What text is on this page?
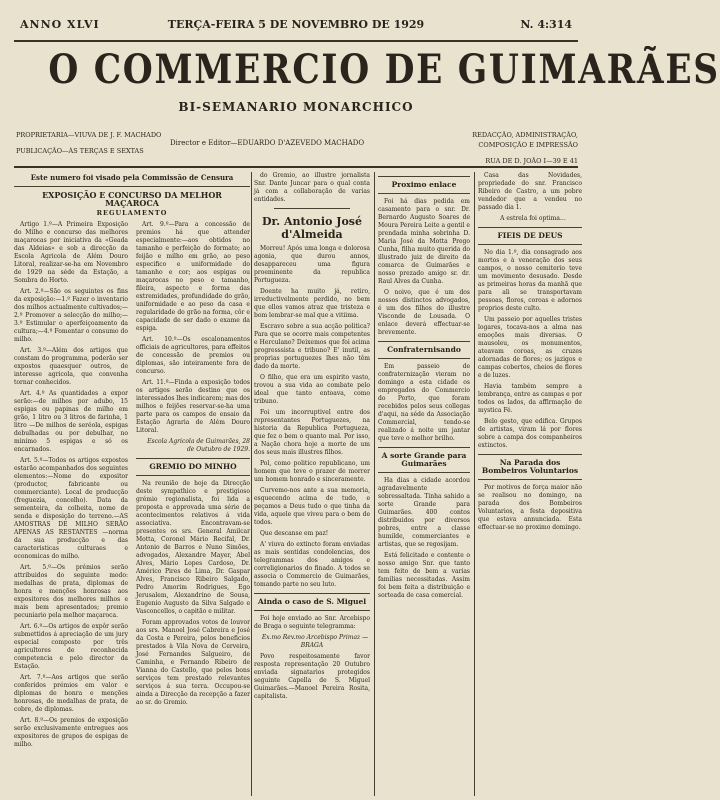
ANNO XLVI	TERÇA-FEIRA 5 DE NOVEMBRO DE 1929	N. 4:314
O COMMERCIO DE GUIMARÃES
BI-SEMANARIO MONARCHICO
PROPRIETARIA—VIUVA DE J. F. MACHADO
PUBLICAÇÃO—ÀS TERÇAS E SEXTAS
Director e Editor—EDUARDO D'AZEVEDO MACHADO
REDACÇÃO, ADMINISTRAÇÃO, COMPOSIÇÃO E IMPRESSÃO
RUA DE D. JOÃO I—39 E 41
Este numero foi visado pela Commissão de Censura
EXPOSIÇÃO E CONCURSO DA MELHOR MAÇAROCA
REGULAMENTO

Artigo 1.º—A Primeira Exposição do Milho e concurso das melhores maçarocas por iniciativa da «Geada das Aldeias» e sob a direcção da Escola Agricola de Além Douro Litoral, realizar-se-ha em Novembro de 1929 na séde da Estação, a Sombra do Horto.

Art. 2.º—São os seguintes os fins da exposição:—1.º Fazer o inventario dos milhos actualmente cultivados;—2.º Promover a selecção do milho;—3.º Estimular o aperfeiçoamento da cultura;—4.º Fomentar o consumo do milho.

Art. 3.º—Além dos artigos que constam do programma, poderão ser expostos quaesquer outros, de interesse agricola, que convenha tornar conhecidos.

Art. 4.º As quantidades a expor serão:—de milhos por adubo, 15 espigas ou papinas de milho em grão, 1 litro ou 3 litros de farinha, 1 litro —De milhos de seréola, espigas debulhadas ou por debulhar, no minimo 5 espigas e só os encarnados.

Art. 5.º—Todos os artigos expostos estarão acompanhados dos seguintes elementos:—Nome do expositor (productor, fabricante ou commerciante). Local de producção (freguezia, concelho). Data da sementeira, da colheita, nome de senda e disposição do terreno.—AS AMOSTRAS DE MILHO SERÃO APENAS AS RESTANTES —norma da sua producção e das caracteristicas culturaes e economicas do milho.

Art. 5.º—Os prémios serão attribuidos do seguinte modo: medalhas de prata, diplomas de honra e menções honrosas aos expositores dos melhores milhos e mais bem apresentados; premio pecuniario pela melhor maçaroca.

Art. 6.º—Os artigos de expôr serão submettidos á apreciação de um jury especial composto por três agricultores de reconhecida competencia e pelo director da Estação.

Art. 7.º—Aos artigos que serão conferidos prémios em valor e diplomas de honra e menções honrosas, de medalhas de prata, de cobre, de diplomas.

Art. 8.º—Os premios de exposição serão exclusivamente entregues aos expositores de grupos de espigas de milho.

Art. 9.º—Para a concessão de premios há que attender especialmente:—aos obtidos no tamanho e perfeição do formato; ao feijão e milho em grão, ao peso especifico e uniformidade do tamanho e cor; aos espigas ou maçarocas no peso e tamanho, fileira, aspecto e forma das extremidades, profundidade do grão, uniformidade e ao peso da casa e regularidade do grão na forma, côr e capacidade de ser dado o exame da espiga.

Art. 10.º—Os escalonamentos officiais de agricultores, para effeitos de concessão de premios ou diplomas, são inteiramente fora de concurso.

Art. 11.º—Finda a exposição todos os artigos serão destino que os interessados lhes indicarem; mas dos milhos e feijões reservar-se-ha uma parte para os campos de ensaio da Estação Agraria de Além Douro Litoral.

Escola Agricola de Guimarães, 28 de Outubro de 1929.

GREMIO DO MINHO

Na reunião de hoje da Direcção deste sympathico e prestigioso grémio regionalista, foi lida a proposta e approvada uma série de acontecimentos relativos á vida associativa. Encontravam-se presentes os srs. General Amilcar Motta, Coronel Mário Recifal, Dr. Antonio de Barros e Nuno Simões, advogados, Alexandre Mayer, Abel Alves, Mário Lopes Cardoso, Dr. Américo Pires de Lima, Dr. Gaspar Alves, Francisco Ribeiro Salgado, Pedro Amorim Rodrigues, Ego Jerusalem, Alexandrino de Sousa, Eugenio Augusto da Silva Salgado e Vasconcellos, o capitão e militar.

Foram approvados votos de louvor aos srs. Manoel José Cabreira e José da Costa e Pereira, pelos beneficios prestados à Vila Nova de Cerveira, José Fernandes Salgueiro, de Caminha, e Fernando Ribeiro de Vianna do Castello, que pelos bons serviços tem prestado relevantes serviços á sua terra. Occupou-se ainda a Direcção da recepção a fazer ao sr. do Gremio.

do Gremio, ao illustre jornalista Snr. Dante Juncar para o qual conta já com a collaboração de varias entidades.

Dr. Antonio José d'Almeida

Morreu! Após uma longa e dolorosa agonia, que durou annos, desappareceu uma figura proeminente da republica Portugueza.

Doente ha muito já, retiro, irreductivelmente perdido, no bem que ellos vamos atraz que tristeza e bom lembrar-se mal que a vitiima.

Escravo sobre a sua acção politica? Para que se ocorre mais competentes e Herculano? Deixemos que foi acima progresssista e tribuno? E' inutil, as proprias portuguezes lhes não têm dado da morte.

O filho, que era um espirito vasto, trovou a sua vida ao combate pelo ideal que tanto entoava, como tribuno.

Foi um incorruptivel entre dos representantes Portuguezes, na historia da Republica Portugueza, que fez o bem o quanto mal. Por isso, a Nação chora hoje a morte de um dos seus mais illustres filhos.

Pol, como politico republicano, um homem que teve o prazer de morrer um homem honrado e sinceramente.

Curvemo-nos ante a sua memoria, esquecendo acima de tudo, e peçamos a Deus tudo o que tinha da vida, aquele que viveu para o bem de todos.

Que descanse em paz!

A' viuva do extincto foram enviadas as mais sentidas condolencias, dos telegrammas dos amigos e correligionarios do finado. A todos se associa o Commercio de Guimarães, tomando parte no seu luto.

Ainda o caso de S. Miguel

Foi hoje enviado ao Snr. Arcebispo de Braga o seguinte telegramma:

Ex.mo Rev.mo Arcebispo Primaz — BRAGA

Povo respeitosamente favor resposta representação 20 Outubro enviada signatarios protegidos seguinte Capella de S. Miguel Guimarães.—Manoel Pereira Rosita, capitalista.

Proximo enlace

Foi há dias pedida em casamento para o snr. Dr. Bernardo Augusto Soares de Moura Pereira Leite a gentil e prendada minha sobrinha D. Maria José da Motta Prego Cunha, filha muito querida do illustrado juiz de direito da comarca de Guimarães e nosso prezado amigo sr. dr. Raul Alves da Cunha.

O noivo, que é um dos nossos distinctos advogados, é um dos filhos do illustre Visconde de Lousada. O enlace deverá effectuar-se brevemente.

Confraternisando

Em passeio de confraternização vieram no domingo a esta cidade os empregados do Commercio do Porto, que foram recebidos pelos seus collegas d'aqui, na séde da Associação Commercial, tendo-se realizado á noite um jantar que teve o melhor brilho.

A sorte Grande para Guimarães

Ha dias a cidade acordou agradavelmente sobressaltada. Tinha sahido a sorte Grande para Guimarães. 400 contos distribuidos por diversos pobres, entre a classe humilde, commerciantes e artistas, que se regosijam.

Está felicitado e contente o nosso amigo Snr. que tanto tem feito de bem a varias familias necessitadas. Assim foi bem feita a distribuição e sorteada de casa comercial.

Casa das Novidades, propriedade do snr. Francisco Ribeiro de Castro, a um pobre vendedor que a vendeu no passado dia 1.

A estrela foi optima…

FIEIS DE DEUS

No dia 1.º, dia consagrado aos mortos e à veneração dos seus campos, o nosso cemiterio teve um movimento desusado. Desde as primeiras horas da manhã que para ali se transportavam pessoas, flores, coroas e adornos proprios deste culto.

Um passeio por aquelles tristes logares, tocava-nos a alma nas emoções mais diversas. O mausoleu, os monumentos, ateavam coroas, as cruzes adornadas de flores; os jazigos e campas cobertos, cheios de flores e de luzes.

Havia também sempre a lembrança, entre as campas e por todos os lados, da affirmação de mystica Fé.

Belo gesto, que edifica. Grupos de artistas, viram lá por flores sobre a campa dos companheiros extinctos.

Na Parada dos Bombeiros Voluntarios

Por motivos de força maior não se realisou no domingo, na parada dos Bombeiros Voluntarios, a festa depositiva que estava annunciada. Esta effectuar-se no proximo domingo.
